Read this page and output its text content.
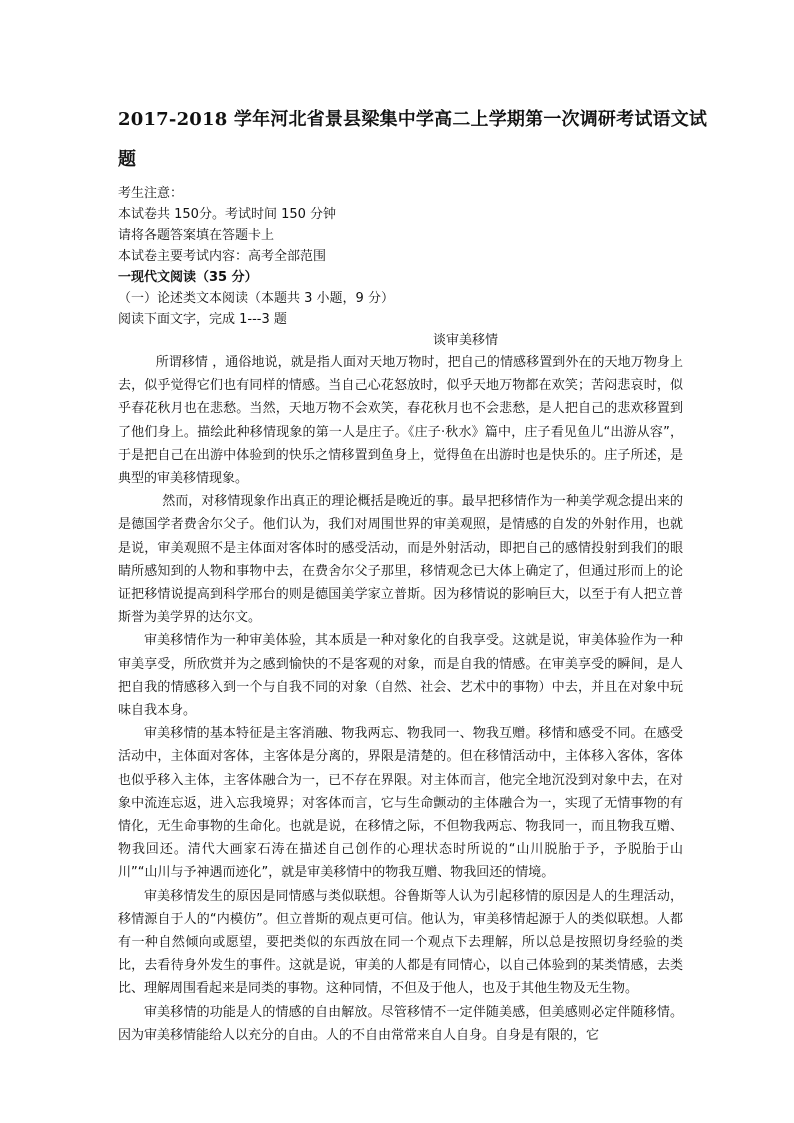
2017-2018 学年河北省景县梁集中学高二上学期第一次调研考试语文试
题
考生注意：
本试卷共 150分。考试时间 150 分钟
请将各题答案填在答题卡上
本试卷主要考试内容：高考全部范围
一现代文阅读（35 分）
（一）论述类文本阅读（本题共 3 小题，9 分）
阅读下面文字，完成 1---3 题
谈审美移情

所谓移情 ，通俗地说，就是指人面对天地万物时，把自己的情感移置到外在的天地万物身上去，似乎觉得它们也有同样的情感。当自己心花怒放时，似乎天地万物都在欢笑；苦闷悲哀时，似乎春花秋月也在悲愁。当然，天地万物不会欢笑，春花秋月也不会悲愁，是人把自己的悲欢移置到了他们身上。描绘此种移情现象的第一人是庄子。《庄子·秋水》篇中，庄子看见鱼儿“出游从容”，于是把自己在出游中体验到的快乐之情移置到鱼身上，觉得鱼在出游时也是快乐的。庄子所述，是典型的审美移情现象。

然而，对移情现象作出真正的理论概括是晚近的事。最早把移情作为一种美学观念提出来的是德国学者费舍尔父子。他们认为，我们对周围世界的审美观照，是情感的自发的外射作用，也就是说，审美观照不是主体面对客体时的感受活动，而是外射活动，即把自己的感情投射到我们的眼睛所感知到的人物和事物中去，在费舍尔父子那里，移情观念已大体上确定了，但通过形而上的论证把移情说提高到科学邢台的则是德国美学家立普斯。因为移情说的影响巨大，以至于有人把立普斯誉为美学界的达尔文。

审美移情作为一种审美体验，其本质是一种对象化的自我享受。这就是说，审美体验作为一种审美享受，所欣赏并为之感到愉快的不是客观的对象，而是自我的情感。在审美享受的瞬间，是人把自我的情感移入到一个与自我不同的对象（自然、社会、艺术中的事物）中去，并且在对象中玩味自我本身。

审美移情的基本特征是主客消融、物我两忘、物我同一、物我互赠。移情和感受不同。在感受活动中，主体面对客体，主客体是分离的，界限是清楚的。但在移情活动中，主体移入客体，客体也似乎移入主体，主客体融合为一，已不存在界限。对主体而言，他完全地沉没到对象中去，在对象中流连忘返，进入忘我境界；对客体而言，它与生命颤动的主体融合为一，实现了无情事物的有情化，无生命事物的生命化。也就是说，在移情之际，不但物我两忘、物我同一，而且物我互赠、物我回还。清代大画家石涛在描述自己创作的心理状态时所说的“山川脱胎于予，予脱胎于山川”“山川与予神遇而迹化”，就是审美移情中的物我互赠、物我回还的情境。

审美移情发生的原因是同情感与类似联想。谷鲁斯等人认为引起移情的原因是人的生理活动，移情源自于人的“内模仿”。但立普斯的观点更可信。他认为，审美移情起源于人的类似联想。人都有一种自然倾向或愿望，要把类似的东西放在同一个观点下去理解，所以总是按照切身经验的类比，去看待身外发生的事件。这就是说，审美的人都是有同情心，以自己体验到的某类情感，去类比、理解周围看起来是同类的事物。这种同情，不但及于他人，也及于其他生物及无生物。

审美移情的功能是人的情感的自由解放。尽管移情不一定伴随美感，但美感则必定伴随移情。因为审美移情能给人以充分的自由。人的不自由常常来自人自身。自身是有限的，它
